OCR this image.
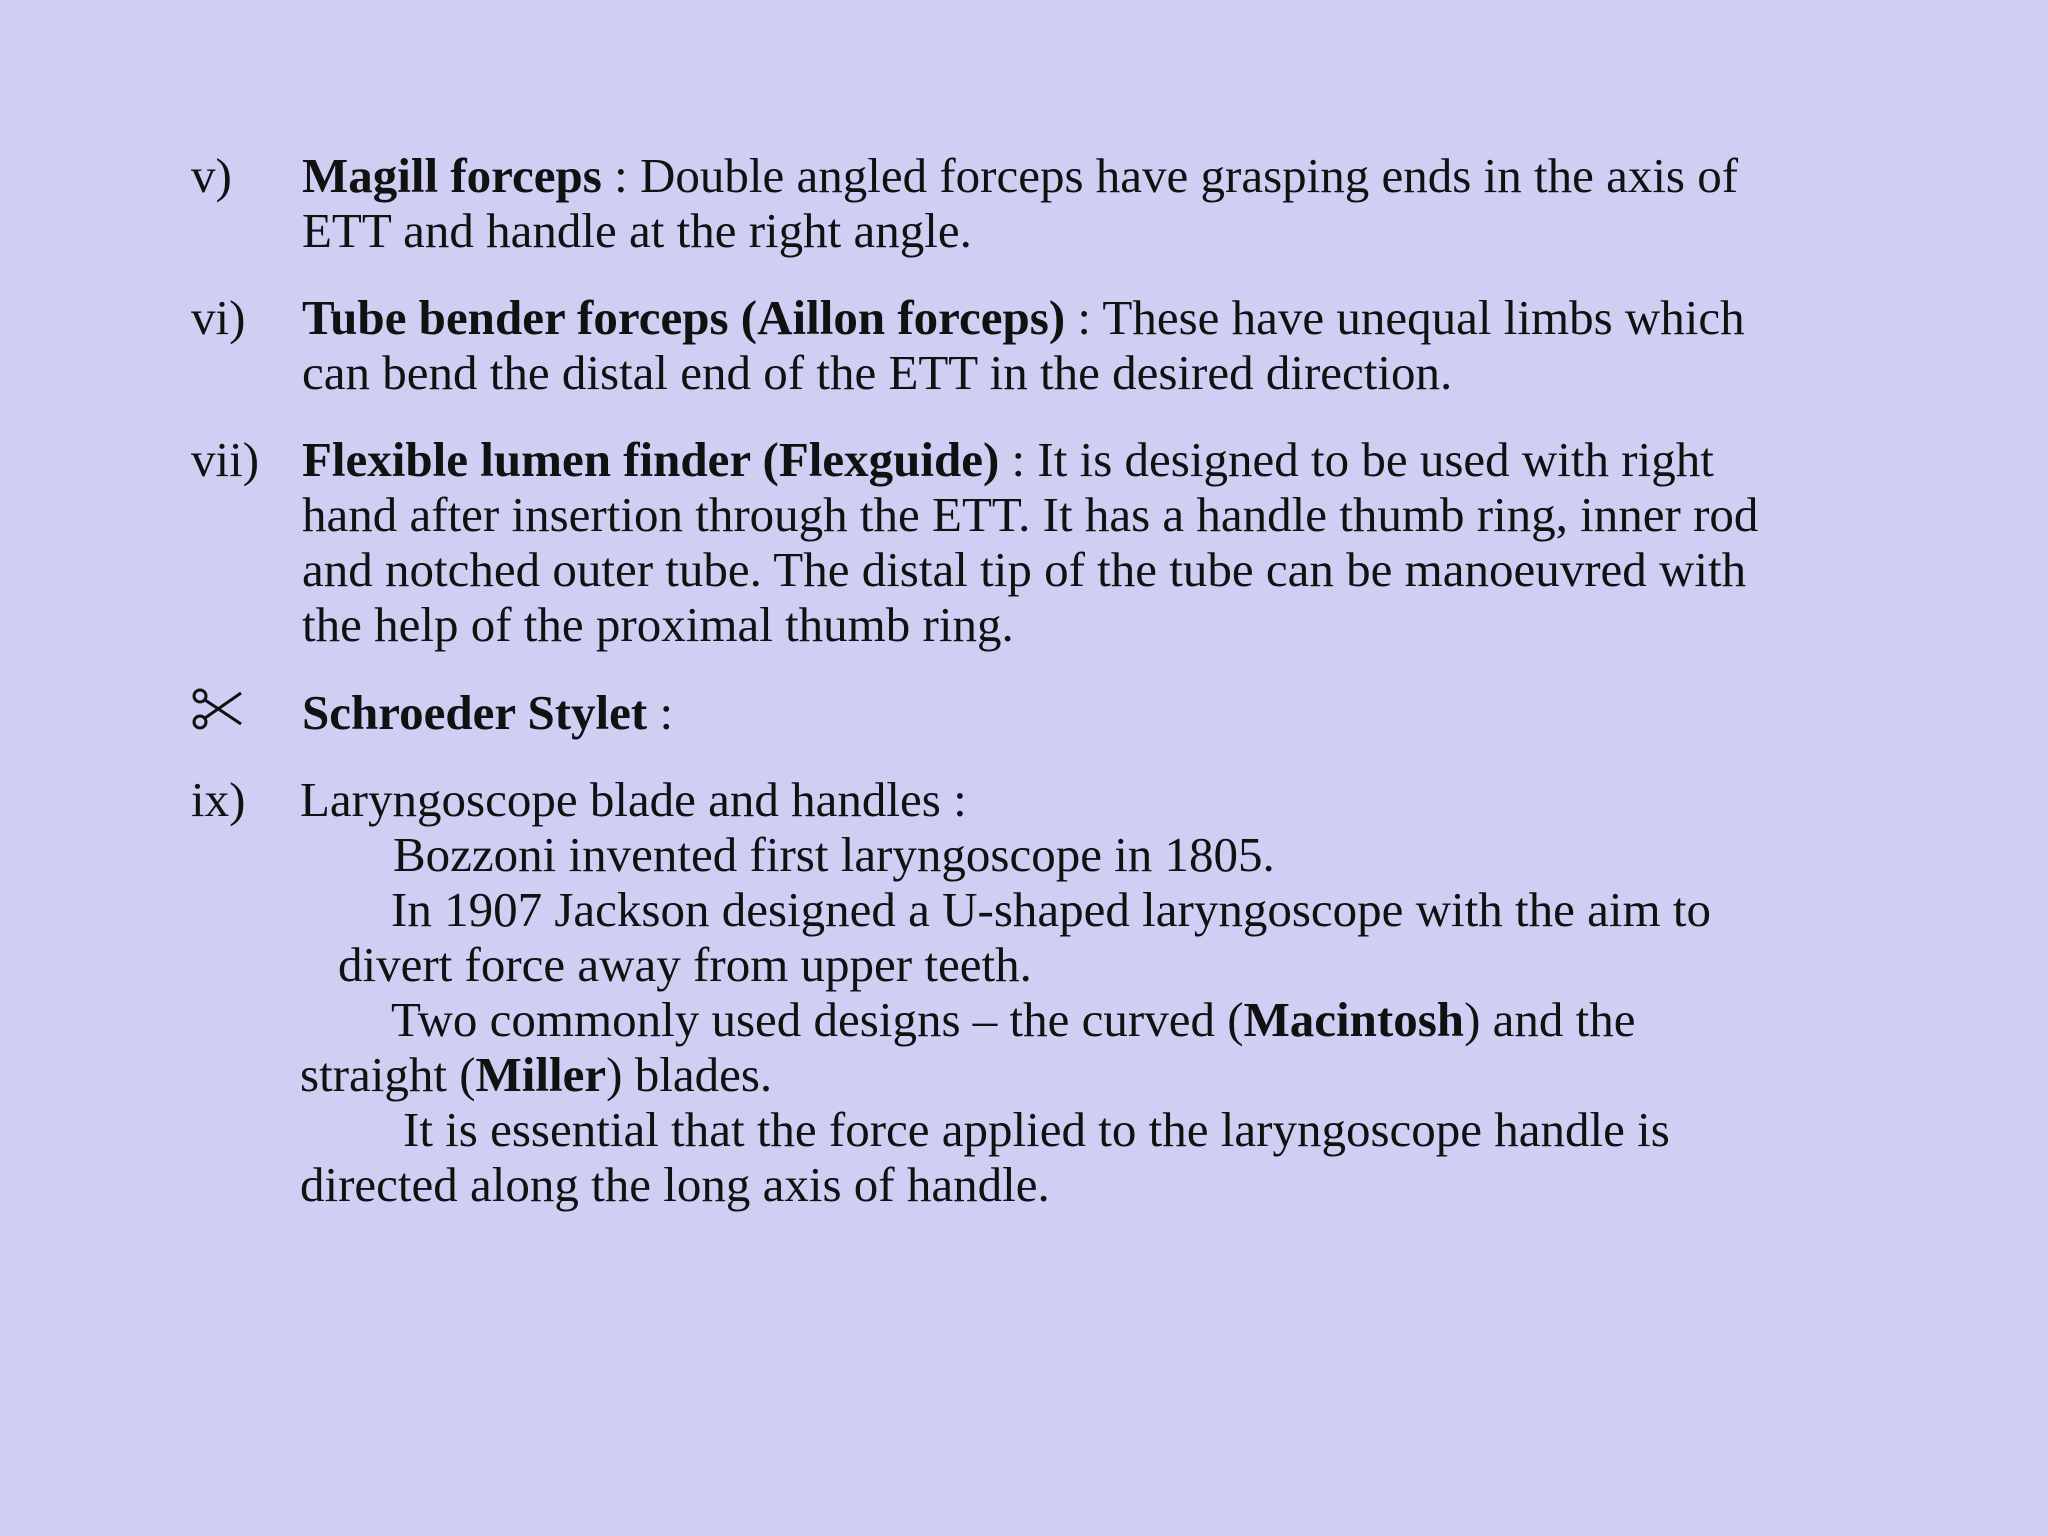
v) Magill forceps : Double angled forceps have grasping ends in the axis of
ETT and handle at the right angle.
vi) Tube bender forceps (Aillon forceps) : These have unequal limbs which
can bend the distal end of the ETT in the desired direction.
vii) Flexible lumen finder (Flexguide) : It is designed to be used with right
hand after insertion through the ETT. It has a handle thumb ring, inner rod
and notched outer tube. The distal tip of the tube can be manoeuvred with
the help of the proximal thumb ring.
Schroeder Stylet :
ix) Laryngoscope blade and handles :
Bozzoni invented first laryngoscope in 1805.
In 1907 Jackson designed a U-shaped laryngoscope with the aim to
divert force away from upper teeth.
Two commonly used designs – the curved (Macintosh) and the
straight (Miller) blades.
It is essential that the force applied to the laryngoscope handle is
directed along the long axis of handle.
